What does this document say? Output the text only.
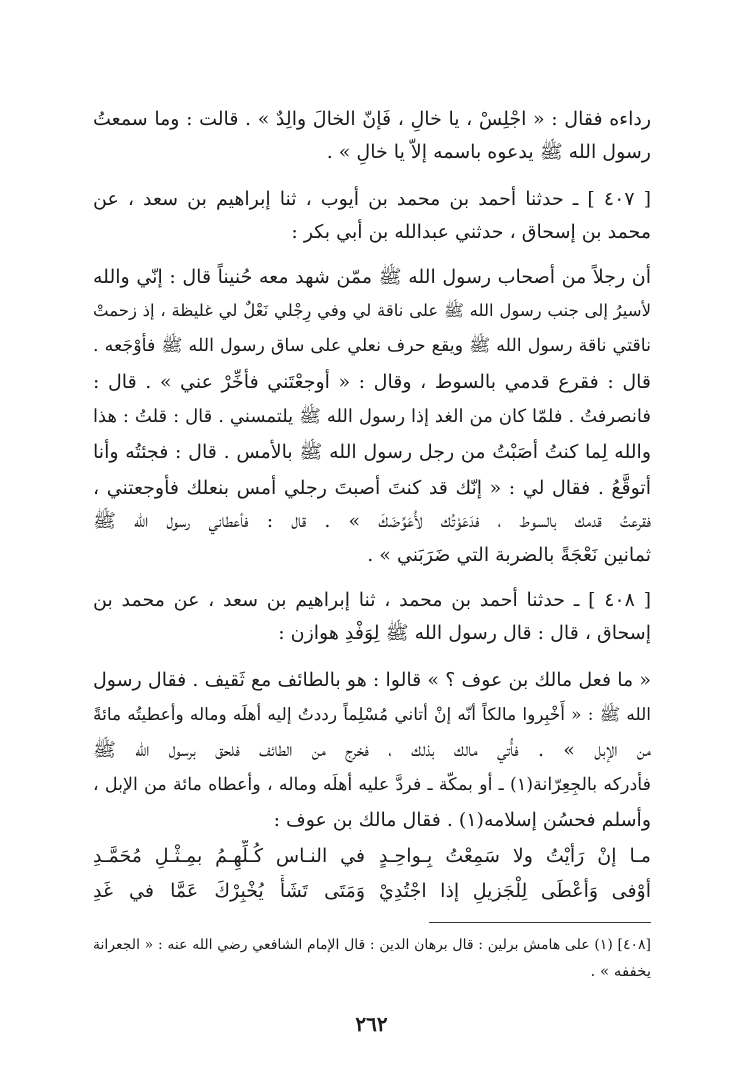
رداءه فقال : « اجْلِسْ ، يا خالِ ، فَإنّ الخالَ والِدٌ » . قالت : وما سمعتُ
رسول الله ﷺ يدعوه باسمه إلاّ يا خالِ » .
[ ٤٠٧ ] ـ حدثنا أحمد بن محمد بن أيوب ، ثنا إبراهيم بن سعد ، عن
محمد بن إسحاق ، حدثني عبدالله بن أبي بكر :
أن رجلاً من أصحاب رسول الله ﷺ ممّن شهد معه حُنيناً قال : إنّي والله
لأسيرُ إلى جنب رسول الله ﷺ على ناقة لي وفي رِجْلي نَعْلٌ لي غليظة ، إذ زحمتْ
ناقتي ناقة رسول الله ﷺ ويقع حرف نعلي على ساق رسول الله ﷺ فأوْجَعه .
قال : فقرع قدمي بالسوط ، وقال : « أوجعْتَني فأخِّرْ عني » . قال :
فانصرفتُ . فلمّا كان من الغد إذا رسول الله ﷺ يلتمسني . قال : قلتُ : هذا
والله لِما كنتُ أصَبْتُ من رجل رسول الله ﷺ بالأمس . قال : فجئتُه وأنا
أتوقَّعُ . فقال لي : « إنّك قد كنتَ أصبتَ رجلي أمس بنعلك فأوجعتني ،
فقرعتُ قدمك بالسوط ، فدَعَوْتُك لأُعَوِّضَكَ » . قال : فأعطاني رسول الله ﷺ
ثمانين نَعْجَةً بالضربة التي ضَرَبَني » .
[ ٤٠٨ ] ـ حدثنا أحمد بن محمد ، ثنا إبراهيم بن سعد ، عن محمد بن
إسحاق ، قال : قال رسول الله ﷺ لِوَفْدِ هوازن :
« ما فعل مالك بن عوف ؟ » قالوا : هو بالطائف مع ثَقيف . فقال رسول
الله ﷺ : « أَخْبِروا مالكاً أنّه إنْ أتاني مُسْلِماً رددتُ إليه أهلَه وماله وأعطيتُه مائةً
من الإبل » . فأُتي مالك بذلك ، فخرج من الطائف فلحق برسول الله ﷺ
فأدركه بالجِعِرّانة(١) ـ أو بمكّة ـ فردَّ عليه أهلَه وماله ، وأعطاه مائة من الإبل ،
وأسلم فحسُن إسلامه(١) . فقال مالك بن عوف :
مـا إنْ رَأيْتُ ولا سَمِعْتُ بِـواحِـدٍ
في النـاس كُـلِّهِـمُ بمِـثْـلِ مُحَمَّـدِ
أوْفى وَأعْطَى لِلْجَزيلِ إذا اجْتُدِيْ
وَمَتَى تَشَأْ يُخْبِرْكَ عَمَّا في غَدِ
[٤٠٨] (١) على هامش برلين : قال برهان الدين : قال الإمام الشافعي رضي الله عنه : « الجعرانة
يخففه » .
٢٦٢
